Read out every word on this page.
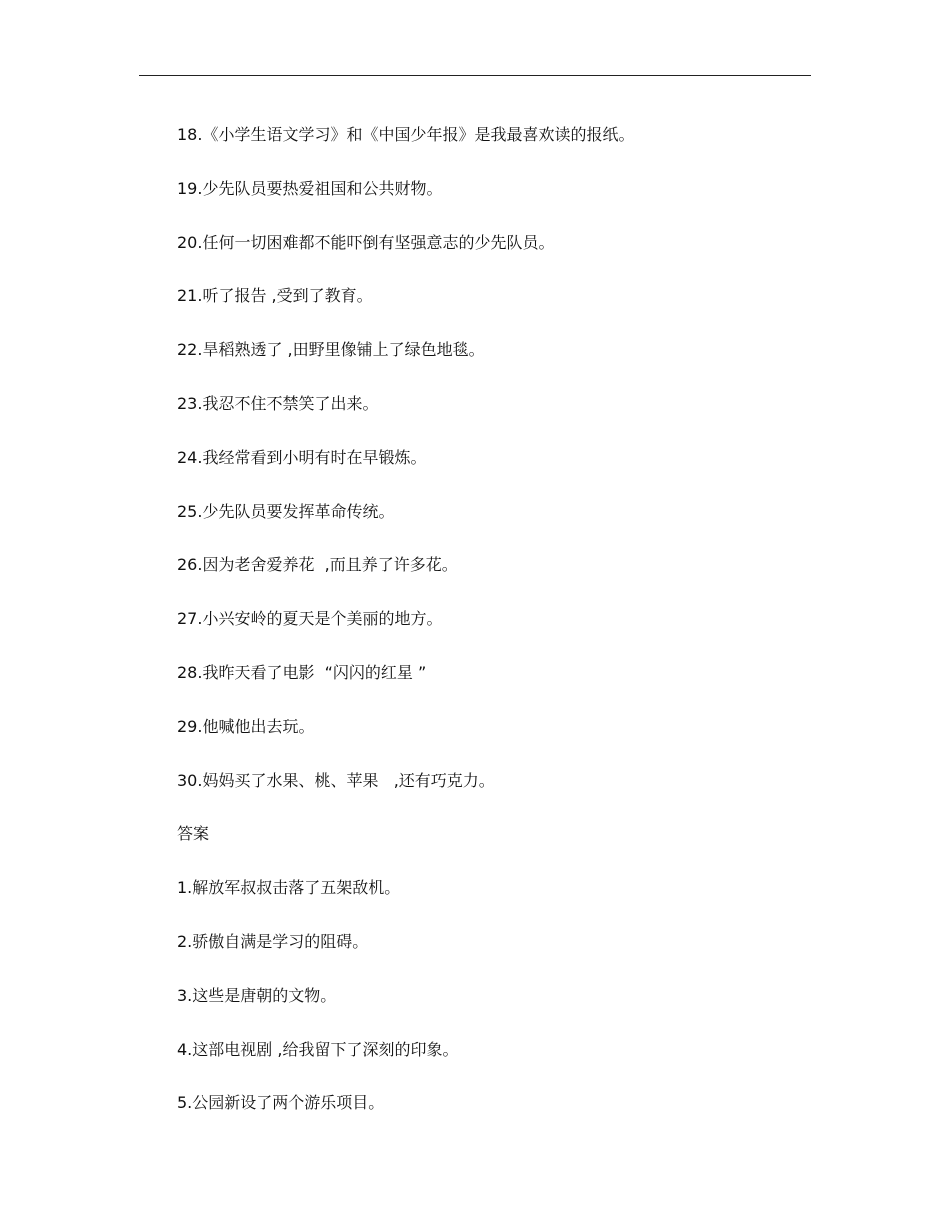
18.《小学生语文学习》和《中国少年报》是我最喜欢读的报纸。
19.少先队员要热爱祖国和公共财物。
20.任何一切困难都不能吓倒有坚强意志的少先队员。
21.听了报告 ,受到了教育。
22.旱稻熟透了 ,田野里像铺上了绿色地毯。
23.我忍不住不禁笑了出来。
24.我经常看到小明有时在早锻炼。
25.少先队员要发挥革命传统。
26.因为老舍爱养花  ,而且养了许多花。
27.小兴安岭的夏天是个美丽的地方。
28.我昨天看了电影  “闪闪的红星 ”
29.他喊他出去玩。
30.妈妈买了水果、桃、苹果   ,还有巧克力。
答案
1.解放军叔叔击落了五架敌机。
2.骄傲自满是学习的阻碍。
3.这些是唐朝的文物。
4.这部电视剧 ,给我留下了深刻的印象。
5.公园新设了两个游乐项目。
